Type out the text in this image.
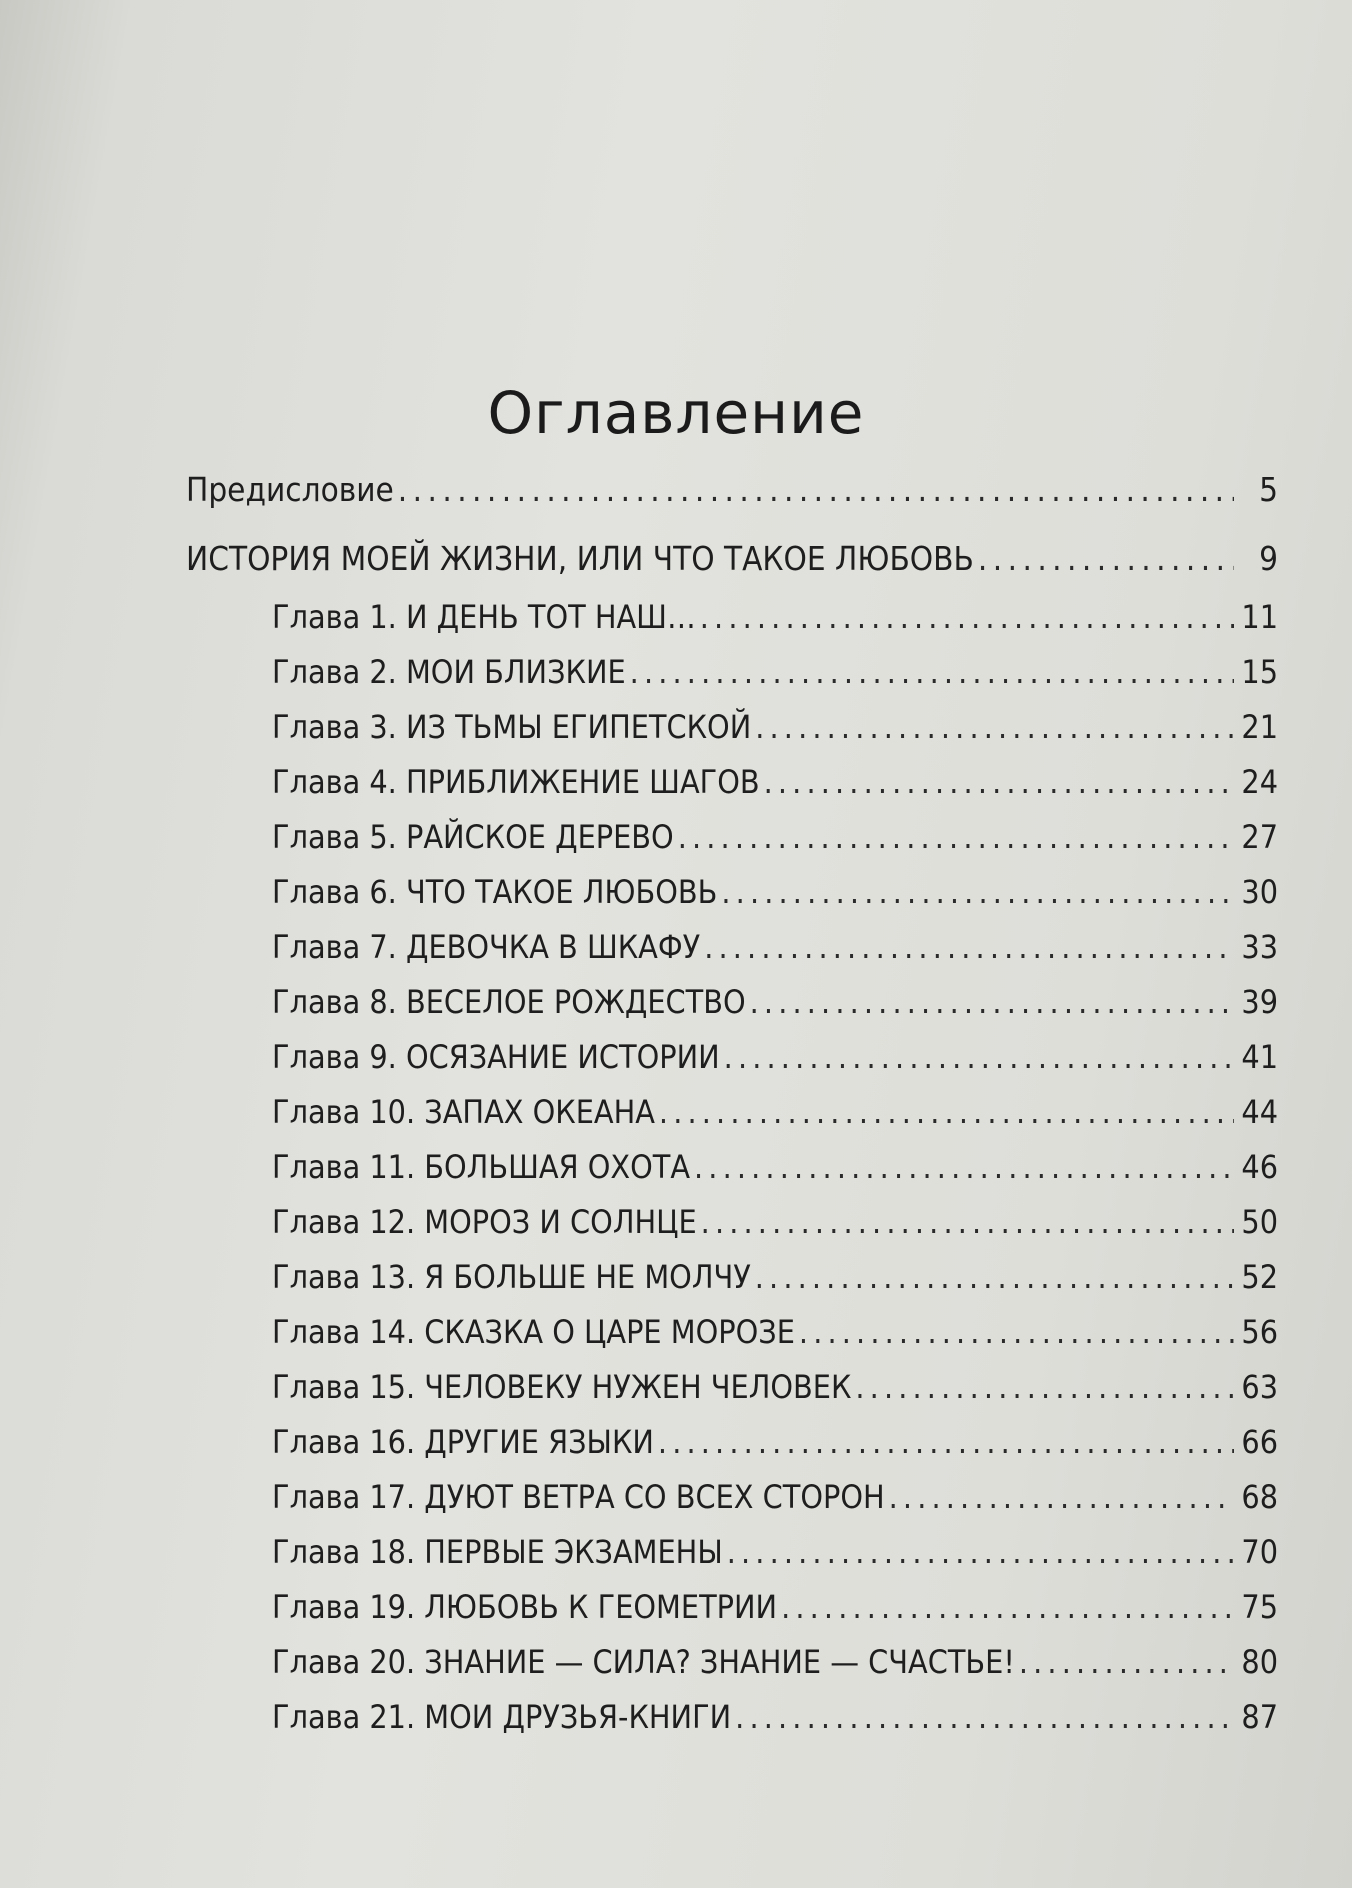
Оглавление
Предисловие . . .	5
ИСТОРИЯ МОЕЙ ЖИЗНИ, ИЛИ ЧТО ТАКОЕ ЛЮБОВЬ . . .	9
Глава 1. И ДЕНЬ ТОТ НАШ… . . .	11
Глава 2. МОИ БЛИЗКИЕ . . .	15
Глава 3. ИЗ ТЬМЫ ЕГИПЕТСКОЙ . . .	21
Глава 4. ПРИБЛИЖЕНИЕ ШАГОВ . . .	24
Глава 5. РАЙСКОЕ ДЕРЕВО . . .	27
Глава 6. ЧТО ТАКОЕ ЛЮБОВЬ . . .	30
Глава 7. ДЕВОЧКА В ШКАФУ . . .	33
Глава 8. ВЕСЕЛОЕ РОЖДЕСТВО . . .	39
Глава 9. ОСЯЗАНИЕ ИСТОРИИ . . .	41
Глава 10. ЗАПАХ ОКЕАНА . . .	44
Глава 11. БОЛЬШАЯ ОХОТА . . .	46
Глава 12. МОРОЗ И СОЛНЦЕ . . .	50
Глава 13. Я БОЛЬШЕ НЕ МОЛЧУ . . .	52
Глава 14. СКАЗКА О ЦАРЕ МОРОЗЕ . . .	56
Глава 15. ЧЕЛОВЕКУ НУЖЕН ЧЕЛОВЕК . . .	63
Глава 16. ДРУГИЕ ЯЗЫКИ . . .	66
Глава 17. ДУЮТ ВЕТРА СО ВСЕХ СТОРОН . . .	68
Глава 18. ПЕРВЫЕ ЭКЗАМЕНЫ . . .	70
Глава 19. ЛЮБОВЬ К ГЕОМЕТРИИ . . .	75
Глава 20. ЗНАНИЕ — СИЛА? ЗНАНИЕ — СЧАСТЬЕ! . . .	80
Глава 21. МОИ ДРУЗЬЯ-КНИГИ . . .	87
